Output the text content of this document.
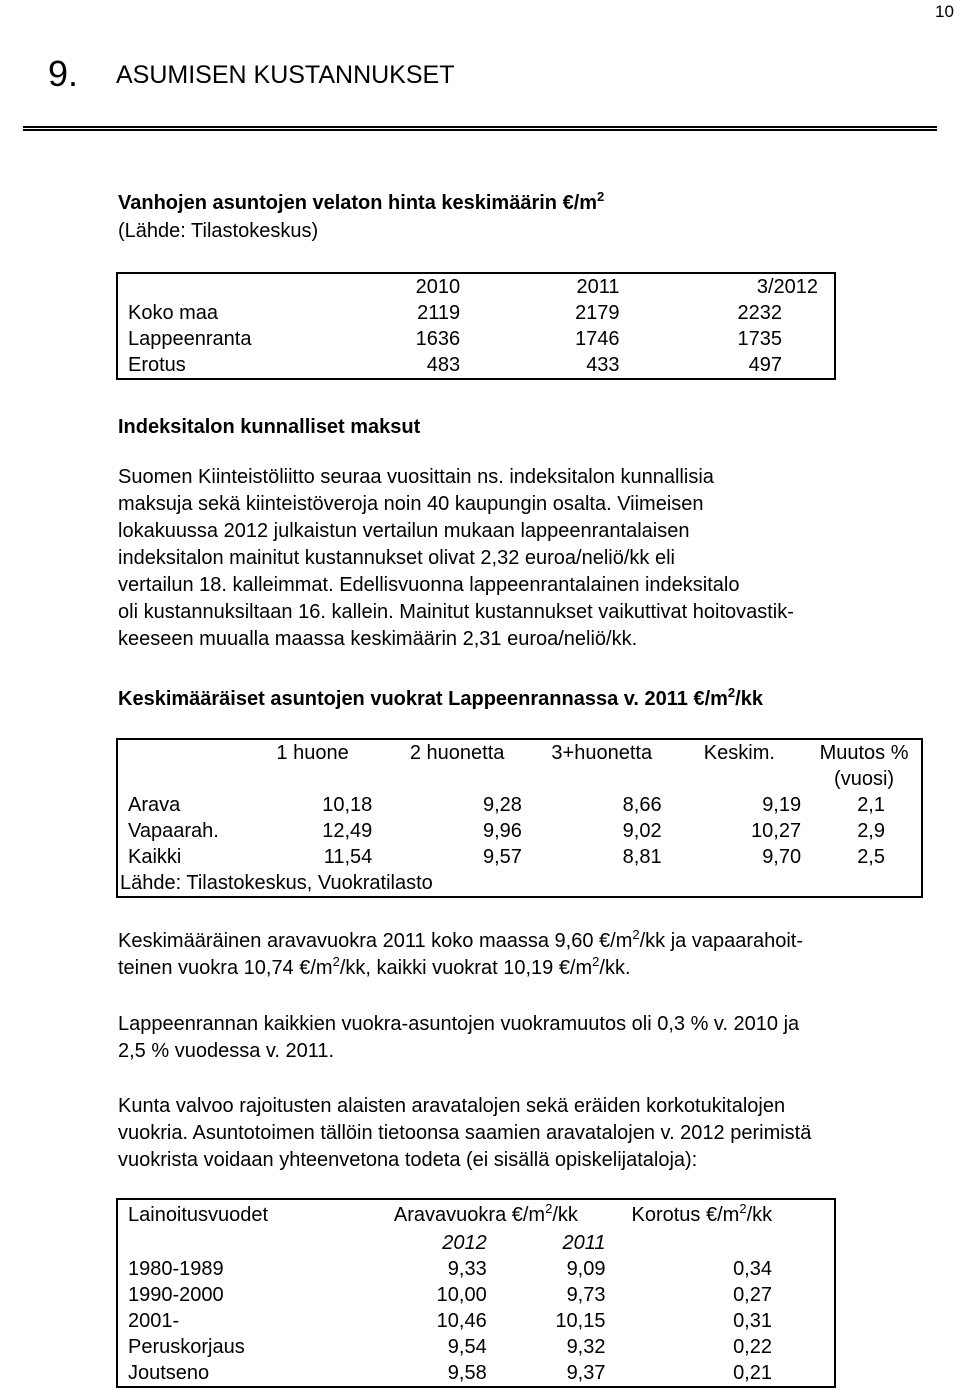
10
9. ASUMISEN KUSTANNUKSET
Vanhojen asuntojen velaton hinta keskimäärin $€/m^2$
(Lähde: Tilastokeskus)
	2010	2011	3/2012
Koko maa	2119	2179	2232
Lappeenranta	1636	1746	1735
Erotus	483	433	497
Indeksitalon kunnalliset maksut
Suomen Kiinteistöliitto seuraa vuosittain ns. indeksitalon kunnallisia
maksuja sekä kiinteistöveroja noin 40 kaupungin osalta. Viimeisen
lokakuussa 2012 julkaistun vertailun mukaan lappeenrantalaisen
indeksitalon mainitut kustannukset olivat 2,32 euroa/neliö/kk eli
vertailun 18. kalleimmat. Edellisvuonna lappeenrantalainen indeksitalo
oli kustannuksiltaan 16. kallein. Mainitut kustannukset vaikuttivat hoitovastik-
keeseen muualla maassa keskimäärin 2,31 euroa/neliö/kk.
Keskimääräiset asuntojen vuokrat Lappeenrannassa v. 2011 $€/m^2/kk$
	1 huone	2 huonetta	3+huonetta	Keskim.	Muutos %
					(vuosi)
Arava	10,18	9,28	8,66	9,19	2,1
Vapaarah.	12,49	9,96	9,02	10,27	2,9
Kaikki	11,54	9,57	8,81	9,70	2,5
Lähde: Tilastokeskus, Vuokratilasto					
Keskimääräinen aravavuokra 2011 koko maassa 9,60 $€/m^2/kk$ ja vapaarahoit-
teinen vuokra 10,74 $€/m^2/kk$, kaikki vuokrat 10,19 $€/m^2/kk$.
Lappeenrannan kaikkien vuokra-asuntojen vuokramuutos oli 0,3 % v. 2010 ja
2,5 % vuodessa v. 2011.
Kunta valvoo rajoitusten alaisten aravatalojen sekä eräiden korkotukitalojen
vuokria. Asuntotoimen tällöin tietoonsa saamien aravatalojen v. 2012 perimistä
vuokrista voidaan yhteenvetona todeta (ei sisällä opiskelijataloja):
Lainoitusvuodet	Aravavuokra $€/m^2/kk$		Korotus $€/m^2/kk$
	2012	2011	
1980-1989	9,33	9,09	0,34
1990-2000	10,00	9,73	0,27
2001-	10,46	10,15	0,31
Peruskorjaus	9,54	9,32	0,22
Joutseno	9,58	9,37	0,21
